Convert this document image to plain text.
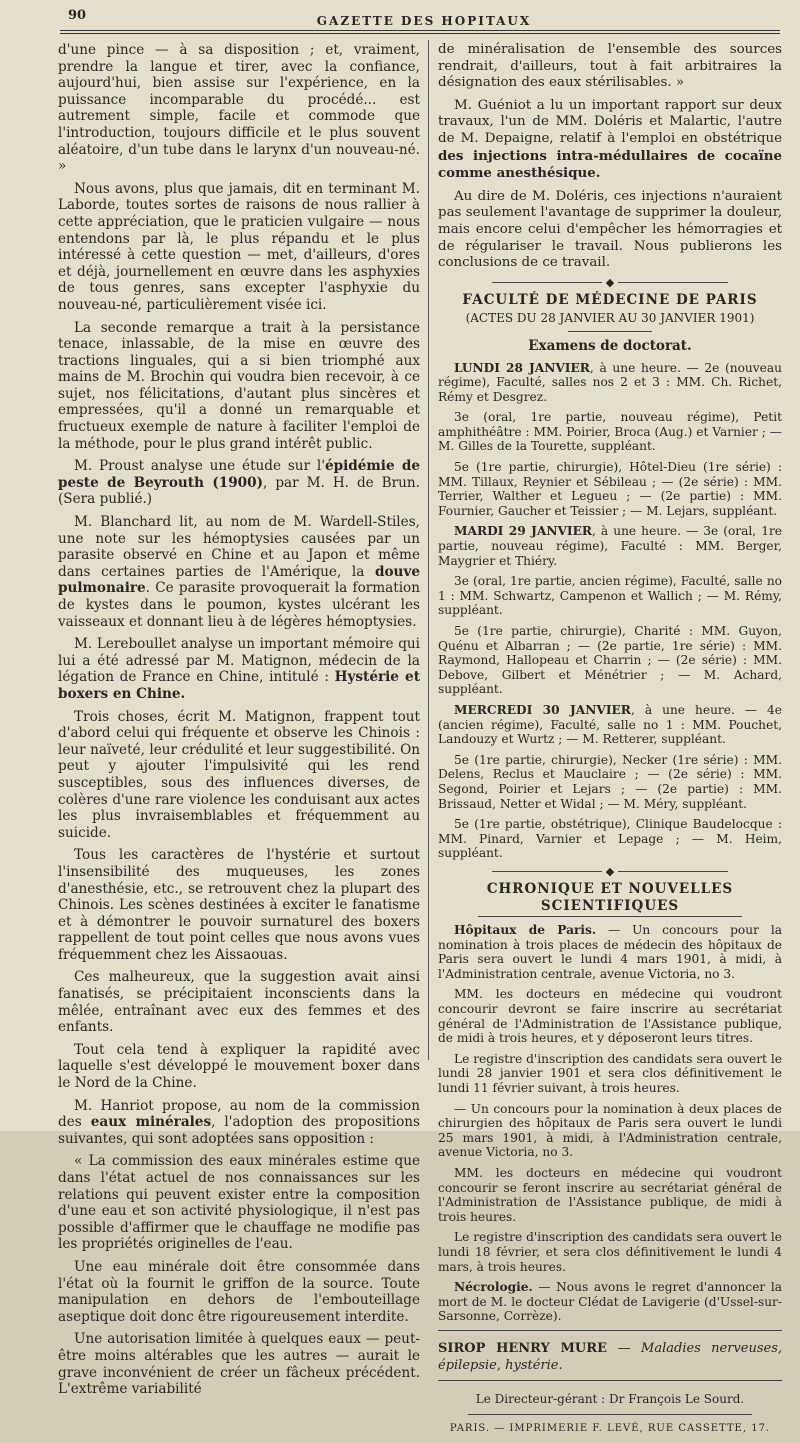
90	GAZETTE DES HOPITAUX

d'une pince — à sa disposition ; et, vraiment, prendre la langue et tirer, avec la confiance, aujourd'hui, bien assise sur l'expérience, en la puissance incomparable du procédé... est autrement simple, facile et commode que l'introduction, toujours difficile et le plus souvent aléatoire, d'un tube dans le larynx d'un nouveau-né. »

Nous avons, plus que jamais, dit en terminant M. Laborde, toutes sortes de raisons de nous rallier à cette appréciation, que le praticien vulgaire — nous entendons par là, le plus répandu et le plus intéressé à cette question — met, d'ailleurs, d'ores et déjà, journellement en œuvre dans les asphyxies de tous genres, sans excepter l'asphyxie du nouveau-né, particulièrement visée ici.

La seconde remarque a trait à la persistance tenace, inlassable, de la mise en œuvre des tractions linguales, qui a si bien triomphé aux mains de M. Brochin qui voudra bien recevoir, à ce sujet, nos félicitations, d'autant plus sincères et empressées, qu'il a donné un remarquable et fructueux exemple de nature à faciliter l'emploi de la méthode, pour le plus grand intérêt public.

M. Proust analyse une étude sur l'épidémie de peste de Beyrouth (1900), par M. H. de Brun. (Sera publié.)

M. Blanchard lit, au nom de M. Wardell-Stiles, une note sur les hémoptysies causées par un parasite observé en Chine et au Japon et même dans certaines parties de l'Amérique, la douve pulmonaire. Ce parasite provoquerait la formation de kystes dans le poumon, kystes ulcérant les vaisseaux et donnant lieu à de légères hémoptysies.

M. Lereboullet analyse un important mémoire qui lui a été adressé par M. Matignon, médecin de la légation de France en Chine, intitulé : Hystérie et boxers en Chine.

Trois choses, écrit M. Matignon, frappent tout d'abord celui qui fréquente et observe les Chinois : leur naïveté, leur crédulité et leur suggestibilité. On peut y ajouter l'impulsivité qui les rend susceptibles, sous des influences diverses, de colères d'une rare violence les conduisant aux actes les plus invraisemblables et fréquemment au suicide.

Tous les caractères de l'hystérie et surtout l'insensibilité des muqueuses, les zones d'anesthésie, etc., se retrouvent chez la plupart des Chinois. Les scènes destinées à exciter le fanatisme et à démontrer le pouvoir surnaturel des boxers rappellent de tout point celles que nous avons vues fréquemment chez les Aissaouas.

Ces malheureux, que la suggestion avait ainsi fanatisés, se précipitaient inconscients dans la mêlée, entraînant avec eux des femmes et des enfants.

Tout cela tend à expliquer la rapidité avec laquelle s'est développé le mouvement boxer dans le Nord de la Chine.

M. Hanriot propose, au nom de la commission des eaux minérales, l'adoption des propositions suivantes, qui sont adoptées sans opposition :

« La commission des eaux minérales estime que dans l'état actuel de nos connaissances sur les relations qui peuvent exister entre la composition d'une eau et son activité physiologique, il n'est pas possible d'affirmer que le chauffage ne modifie pas les propriétés originelles de l'eau.

Une eau minérale doit être consommée dans l'état où la fournit le griffon de la source. Toute manipulation en dehors de l'embouteillage aseptique doit donc être rigoureusement interdite.

Une autorisation limitée à quelques eaux — peut-être moins altérables que les autres — aurait le grave inconvénient de créer un fâcheux précédent. L'extrême variabilité

de minéralisation de l'ensemble des sources rendrait, d'ailleurs, tout à fait arbitraires la désignation des eaux stérilisables. »

M. Guéniot a lu un important rapport sur deux travaux, l'un de MM. Doléris et Malartic, l'autre de M. Depaigne, relatif à l'emploi en obstétrique des injections intra-médullaires de cocaïne comme anesthésique.

Au dire de M. Doléris, ces injections n'auraient pas seulement l'avantage de supprimer la douleur, mais encore celui d'empêcher les hémorragies et de régulariser le travail. Nous publierons les conclusions de ce travail.

◆
FACULTÉ DE MÉDECINE DE PARIS
(ACTES DU 28 JANVIER AU 30 JANVIER 1901)
Examens de doctorat.

LUNDI 28 JANVIER, à une heure. — 2e (nouveau régime), Faculté, salles nos 2 et 3 : MM. Ch. Richet, Rémy et Desgrez.

3e (oral, 1re partie, nouveau régime), Petit amphithéâtre : MM. Poirier, Broca (Aug.) et Varnier ; — M. Gilles de la Tourette, suppléant.

5e (1re partie, chirurgie), Hôtel-Dieu (1re série) : MM. Tillaux, Reynier et Sébileau ; — (2e série) : MM. Terrier, Walther et Legueu ; — (2e partie) : MM. Fournier, Gaucher et Teissier ; — M. Lejars, suppléant.

MARDI 29 JANVIER, à une heure. — 3e (oral, 1re partie, nouveau régime), Faculté : MM. Berger, Maygrier et Thiéry.

3e (oral, 1re partie, ancien régime), Faculté, salle no 1 : MM. Schwartz, Campenon et Wallich ; — M. Rémy, suppléant.

5e (1re partie, chirurgie), Charité : MM. Guyon, Quénu et Albarran ; — (2e partie, 1re série) : MM. Raymond, Hallopeau et Charrin ; — (2e série) : MM. Debove, Gilbert et Ménétrier ; — M. Achard, suppléant.

MERCREDI 30 JANVIER, à une heure. — 4e (ancien régime), Faculté, salle no 1 : MM. Pouchet, Landouzy et Wurtz ; — M. Retterer, suppléant.

5e (1re partie, chirurgie), Necker (1re série) : MM. Delens, Reclus et Mauclaire ; — (2e série) : MM. Segond, Poirier et Lejars ; — (2e partie) : MM. Brissaud, Netter et Widal ; — M. Méry, suppléant.

5e (1re partie, obstétrique), Clinique Baudelocque : MM. Pinard, Varnier et Lepage ; — M. Heim, suppléant.

◆
CHRONIQUE ET NOUVELLES SCIENTIFIQUES

Hôpitaux de Paris. — Un concours pour la nomination à trois places de médecin des hôpitaux de Paris sera ouvert le lundi 4 mars 1901, à midi, à l'Administration centrale, avenue Victoria, no 3.

MM. les docteurs en médecine qui voudront concourir devront se faire inscrire au secrétariat général de l'Administration de l'Assistance publique, de midi à trois heures, et y déposeront leurs titres.

Le registre d'inscription des candidats sera ouvert le lundi 28 janvier 1901 et sera clos définitivement le lundi 11 février suivant, à trois heures.

— Un concours pour la nomination à deux places de chirurgien des hôpitaux de Paris sera ouvert le lundi 25 mars 1901, à midi, à l'Administration centrale, avenue Victoria, no 3.

MM. les docteurs en médecine qui voudront concourir se feront inscrire au secrétariat général de l'Administration de l'Assistance publique, de midi à trois heures.

Le registre d'inscription des candidats sera ouvert le lundi 18 février, et sera clos définitivement le lundi 4 mars, à trois heures.

Nécrologie. — Nous avons le regret d'annoncer la mort de M. le docteur Clédat de Lavigerie (d'Ussel-sur-Sarsonne, Corrèze).

SIROP HENRY MURE — Maladies nerveuses, épilepsie, hystérie.

Le Directeur-gérant : Dr François Le Sourd.

PARIS. — IMPRIMERIE F. LEVÉ, RUE CASSETTE, 17.
